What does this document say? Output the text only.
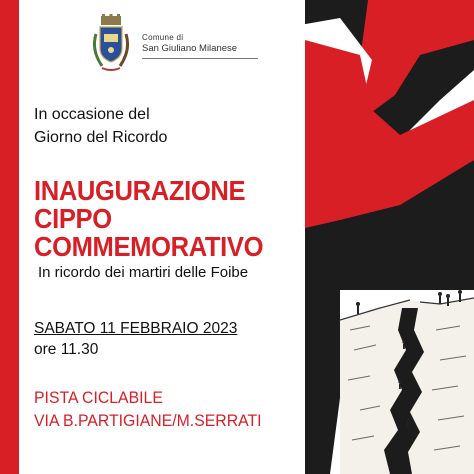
Comune di
San Giuliano Milanese
In occasione del
Giorno del Ricordo
INAUGURAZIONE
CIPPO
COMMEMORATIVO
In ricordo dei martiri delle Foibe
SABATO 11 FEBBRAIO 2023
ore 11.30
PISTA CICLABILE
VIA B.PARTIGIANE/M.SERRATI
